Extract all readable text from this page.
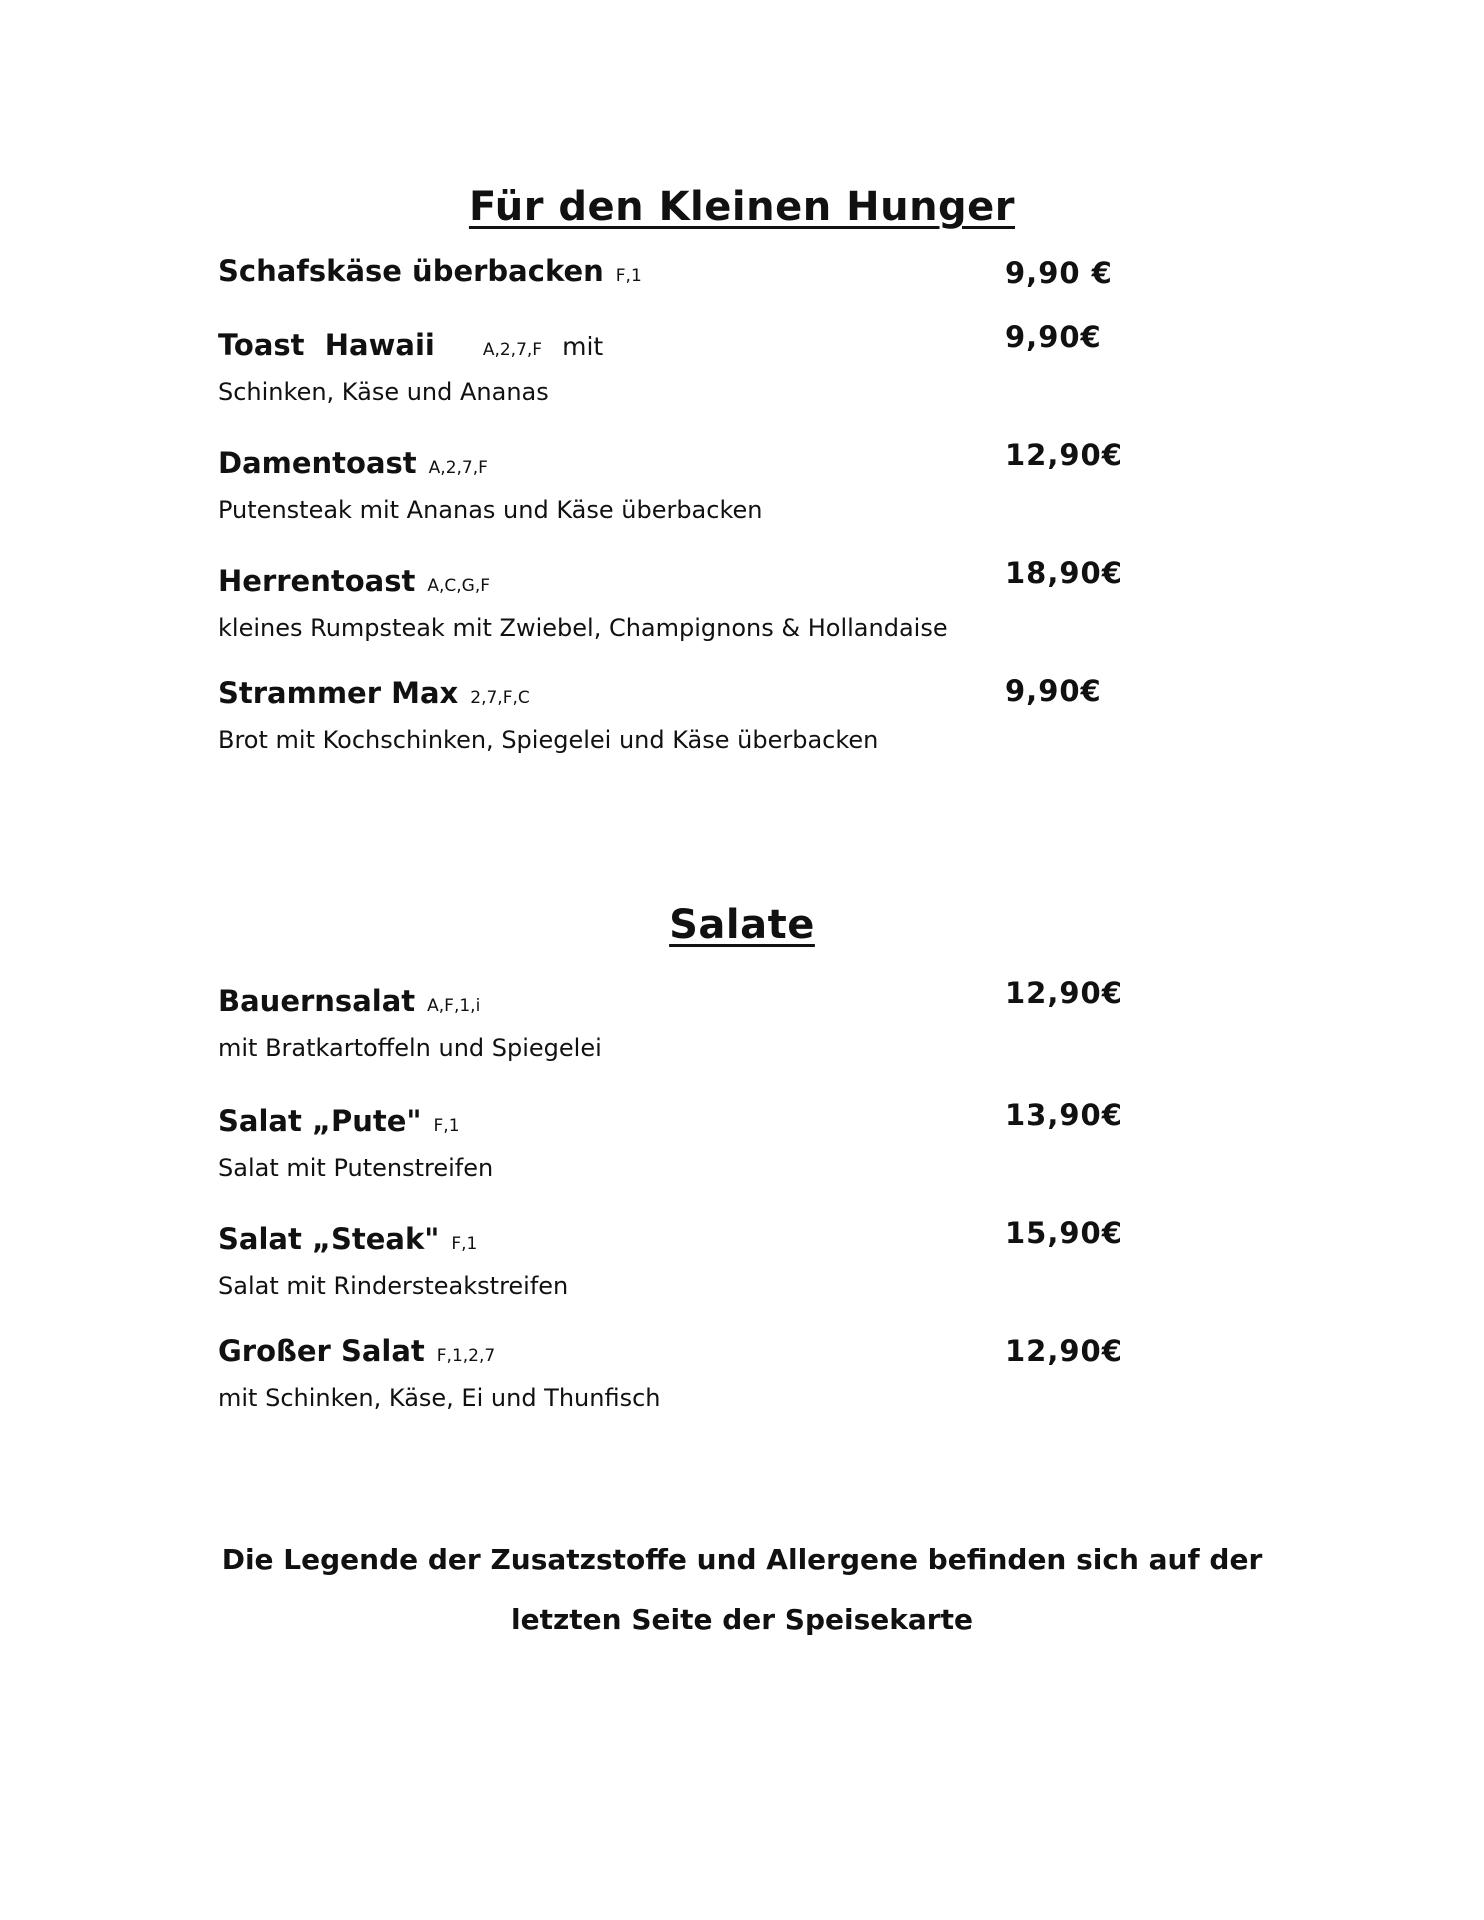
Für den Kleinen Hunger
Schafskäse überbacken F,1	9,90 €
Toast  Hawaii	A,2,7,F mit
Schinken, Käse und Ananas
9,90€
Damentoast A,2,7,F
Putensteak mit Ananas und Käse überbacken
12,90€
Herrentoast A,C,G,F
kleines Rumpsteak mit Zwiebel, Champignons & Hollandaise
18,90€
Strammer Max 2,7,F,C
Brot mit Kochschinken, Spiegelei und Käse überbacken
9,90€
Salate
Bauernsalat A,F,1,i
mit Bratkartoffeln und Spiegelei
12,90€
Salat „Pute" F,1
Salat mit Putenstreifen
13,90€
Salat „Steak" F,1
Salat mit Rindersteakstreifen
15,90€
Großer Salat F,1,2,7
mit Schinken, Käse, Ei und Thunfisch
12,90€
Die Legende der Zusatzstoffe und Allergene befinden sich auf der
letzten Seite der Speisekarte
